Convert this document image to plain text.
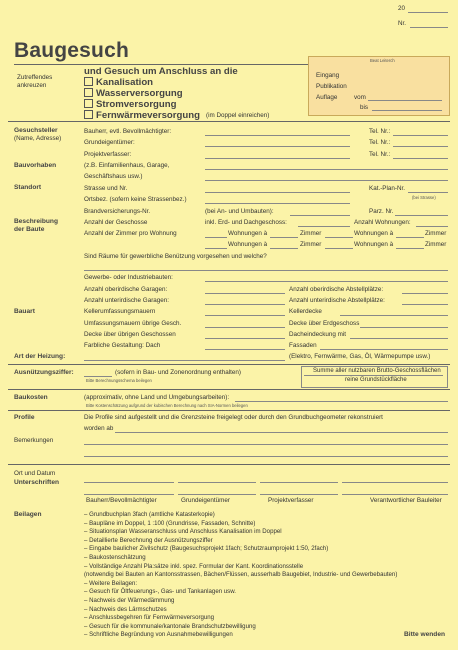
20
Nr.
Baugesuch
Zutreffendes
ankreuzen
und Gesuch um Anschluss an die
Kanalisation
Wasserversorgung
Stromversorgung
Fernwärmeversorgung (im Doppel einreichen)
Beat Leiterch
Eingang
Publikation
Auflage	vom
bis
Gesuchsteller
(Name, Adresse)
Bauherr, evtl. Bevollmächtigter:	Tel. Nr.:
Grundeigentümer:	Tel. Nr.:
Projektverfasser:	Tel. Nr.:
Bauvorhaben	(z.B. Einfamilienhaus, Garage,
Geschäftshaus usw.)
Standort	Strasse und Nr.	Kat.-Plan-Nr.
(bei Strasse)
Ortsbez. (sofern keine Strassenbez.)
Brandversicherungs-Nr.	(bei An- und Umbauten):	Parz. Nr.
Beschreibung
der Baute
Anzahl der Geschosse	inkl. Erd- und Dachgeschoss:	Anzahl Wohnungen:
Anzahl der Zimmer pro Wohnung	Wohnungen à	Zimmer	Wohnungen à	Zimmer
Wohnungen à	Zimmer	Wohnungen à	Zimmer
Sind Räume für gewerbliche Benützung vorgesehen und welche?
Gewerbe- oder Industriebauten:
Anzahl oberirdische Garagen:	Anzahl oberirdische Abstellplätze:
Anzahl unterirdische Garagen:	Anzahl unterirdische Abstellplätze:
Bauart	Kellerumfassungsmauern	Kellerdecke
Umfassungsmauern übrige Gesch.	Decke über Erdgeschoss
Decke über übrigen Geschossen	Dacheindeckung mit
Farbliche Gestaltung: Dach	Fassaden
Art der Heizung:	(Elektro, Fernwärme, Gas, Öl, Wärmepumpe usw.)
Ausnützungsziffer:	(sofern in Bau- und Zonenordnung enthalten)
Bitte Berechnungsschema beilegen
Summe aller nutzbaren Brutto-Geschossflächen
reine Grundstückfläche
Baukosten	(approximativ, ohne Land und Umgebungsarbeiten):
Bitte Kostenschätzung aufgrund der kubischen Berechnung nach SIA-Normen beilegen
Profile	Die Profile sind aufgestellt und die Grenzsteine freigelegt oder durch den Grundbuchgeometer rekonstruiert
worden ab
Bemerkungen
Ort und Datum
Unterschriften
Bauherr/Bevollmächtigter	Grundeigentümer	Projektverfasser	Verantwortlicher Bauleiter
Beilagen	– Grundbuchplan 3fach (amtliche Katasterkopie)
– Baupläne im Doppel, 1 :100 (Grundrisse, Fassaden, Schnitte)
– Situationsplan Wasseranschluss und Anschluss Kanalisation im Doppel
– Detaillierte Berechnung der Ausnützungsziffer
– Eingabe baulicher Zivilschutz (Baugesuchsprojekt 1fach; Schutzraumprojekt 1:50, 2fach)
– Baukostenschätzung
– Vollständige Anzahl Pla:sätze inkl. spez. Formular der Kant. Koordinationsstelle
(notwendig bei Bauten an Kantonsstrassen, Bächen/Flüssen, ausserhalb Baugebiet, Industrie- und Gewerbebauten)
– Weitere Beilagen:
– Gesuch für Öltfeuerungs-, Gas- und Tankanlagen usw.
– Nachweis der Wärmedämmung
– Nachweis des Lärmschutzes
– Anschlussbegehren für Fernwärmeversorgung
– Gesuch für die kommunale/kantonale Brandschutzbewilligung
– Schriftliche Begründung von Ausnahmebewilligungen	Bitte wenden
